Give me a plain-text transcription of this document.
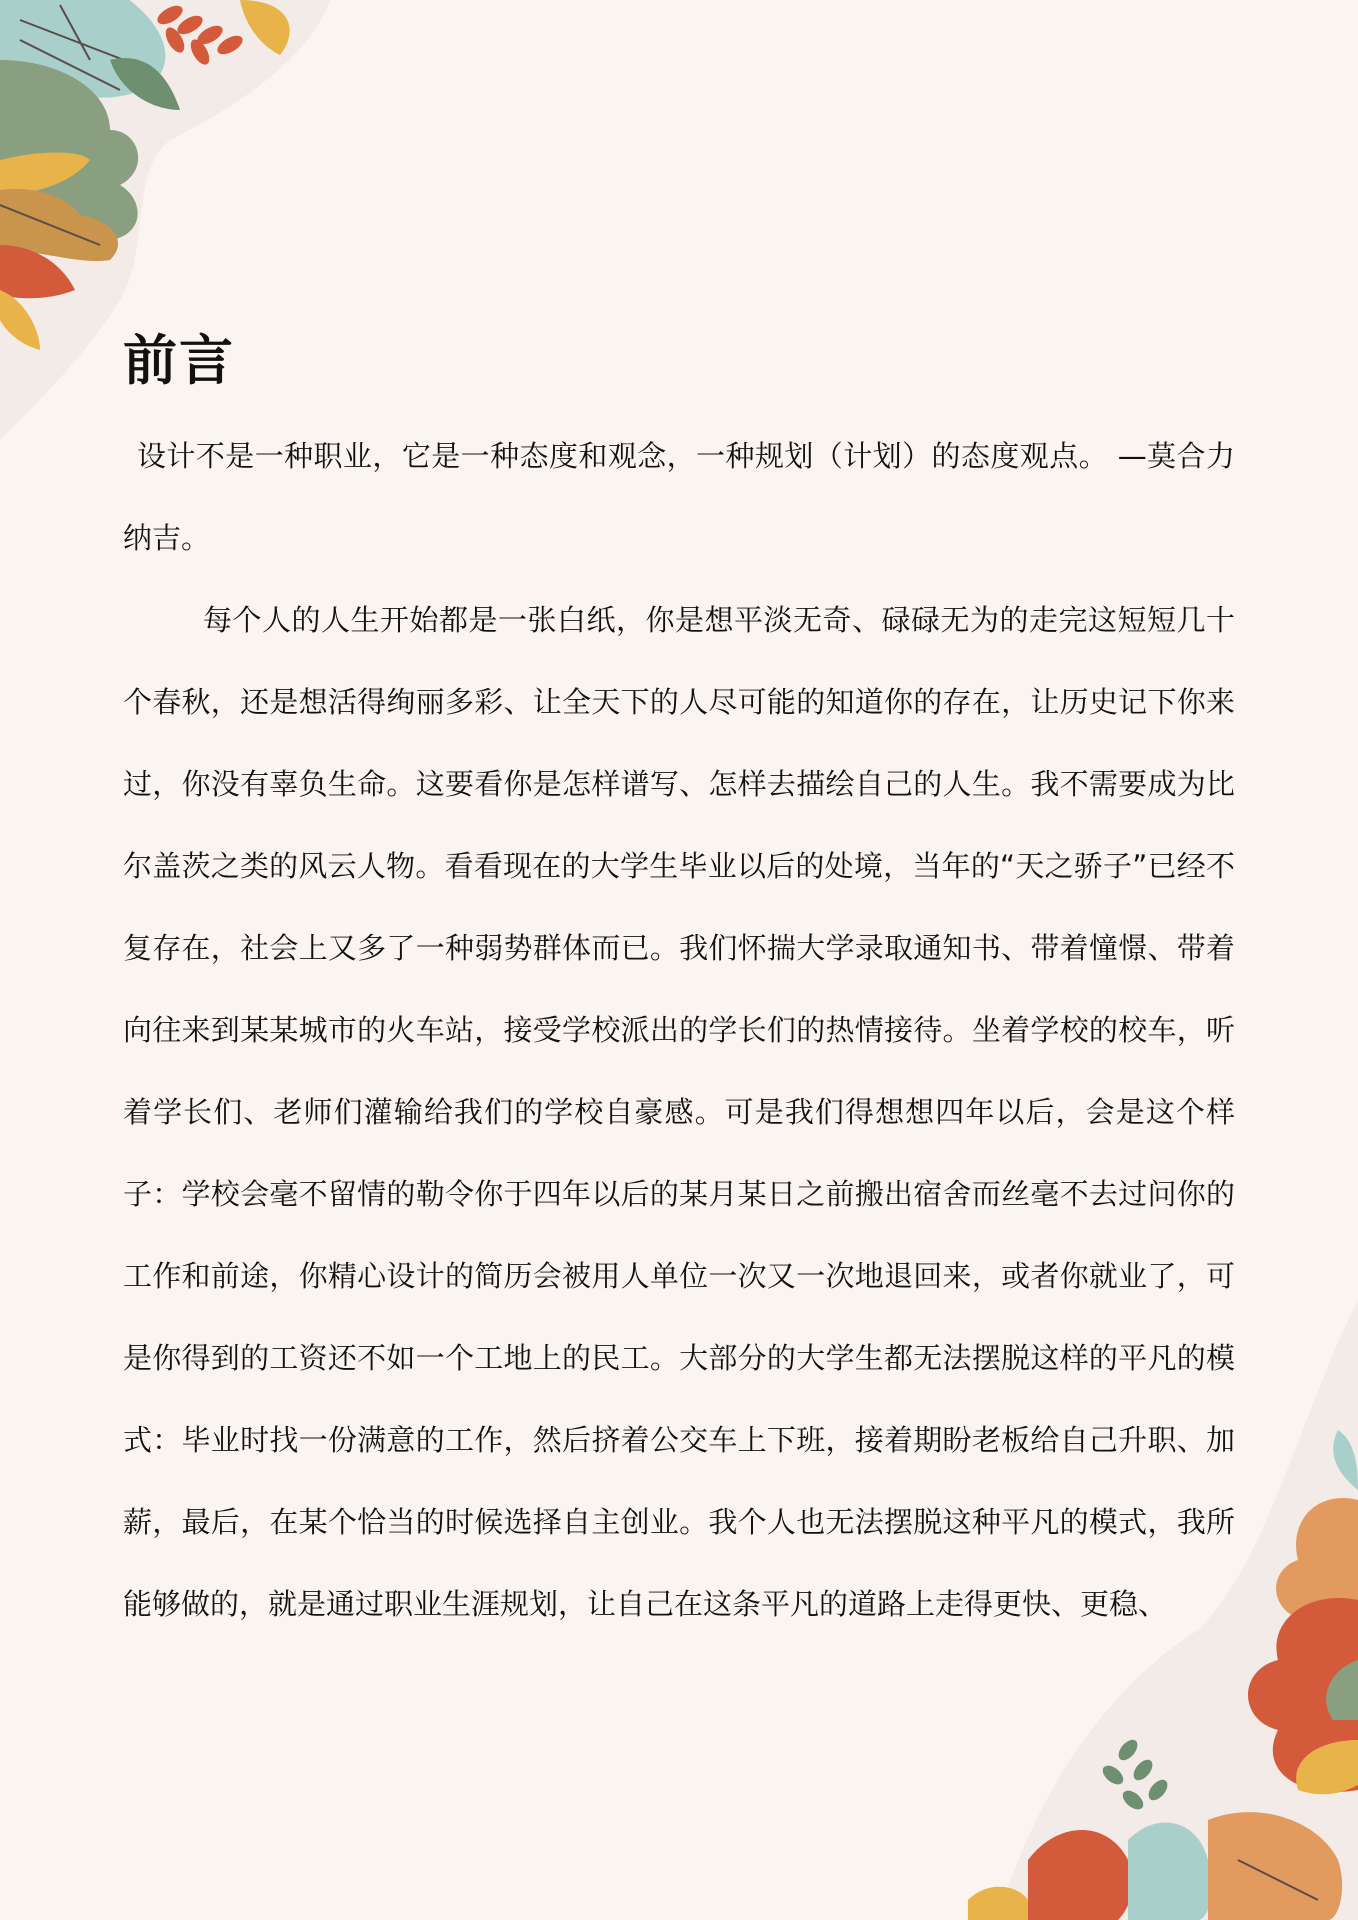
前言

设计不是一种职业，它是一种态度和观念，一种规划（计划）的态度观点。 —莫合力纳吉。

每个人的人生开始都是一张白纸，你是想平淡无奇、碌碌无为的走完这短短几十个春秋，还是想活得绚丽多彩、让全天下的人尽可能的知道你的存在，让历史记下你来过，你没有辜负生命。这要看你是怎样谱写、怎样去描绘自己的人生。我不需要成为比尔盖茨之类的风云人物。看看现在的大学生毕业以后的处境，当年的“天之骄子”已经不复存在，社会上又多了一种弱势群体而已。我们怀揣大学录取通知书、带着憧憬、带着向往来到某某城市的火车站，接受学校派出的学长们的热情接待。坐着学校的校车，听着学长们、老师们灌输给我们的学校自豪感。可是我们得想想四年以后，会是这个样子：学校会毫不留情的勒令你于四年以后的某月某日之前搬出宿舍而丝毫不去过问你的工作和前途，你精心设计的简历会被用人单位一次又一次地退回来，或者你就业了，可是你得到的工资还不如一个工地上的民工。大部分的大学生都无法摆脱这样的平凡的模式：毕业时找一份满意的工作，然后挤着公交车上下班，接着期盼老板给自己升职、加薪，最后，在某个恰当的时候选择自主创业。我个人也无法摆脱这种平凡的模式，我所能够做的，就是通过职业生涯规划，让自己在这条平凡的道路上走得更快、更稳、
